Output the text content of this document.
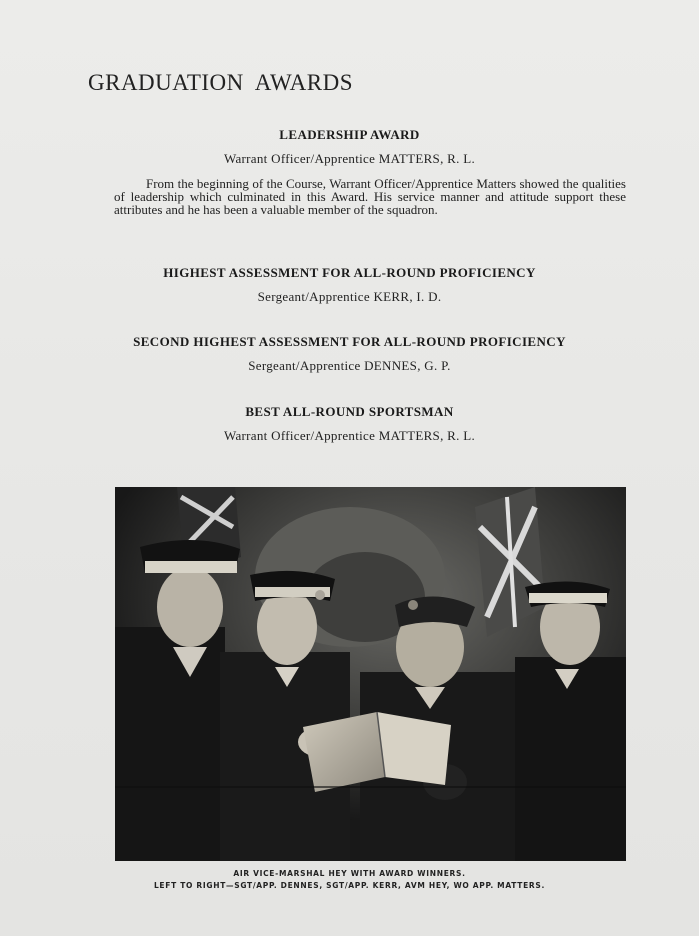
GRADUATION AWARDS
LEADERSHIP AWARD
Warrant Officer/Apprentice MATTERS, R. L.
From the beginning of the Course, Warrant Officer/Apprentice Matters showed the qualities of leadership which culminated in this Award. His service manner and attitude support these attributes and he has been a valuable member of the squadron.
HIGHEST ASSESSMENT FOR ALL-ROUND PROFICIENCY
Sergeant/Apprentice KERR, I. D.
SECOND HIGHEST ASSESSMENT FOR ALL-ROUND PROFICIENCY
Sergeant/Apprentice DENNES, G. P.
BEST ALL-ROUND SPORTSMAN
Warrant Officer/Apprentice MATTERS, R. L.
AIR VICE-MARSHAL HEY WITH AWARD WINNERS.
LEFT TO RIGHT—SGT/APP. DENNES, SGT/APP. KERR, AVM HEY, WO APP. MATTERS.
